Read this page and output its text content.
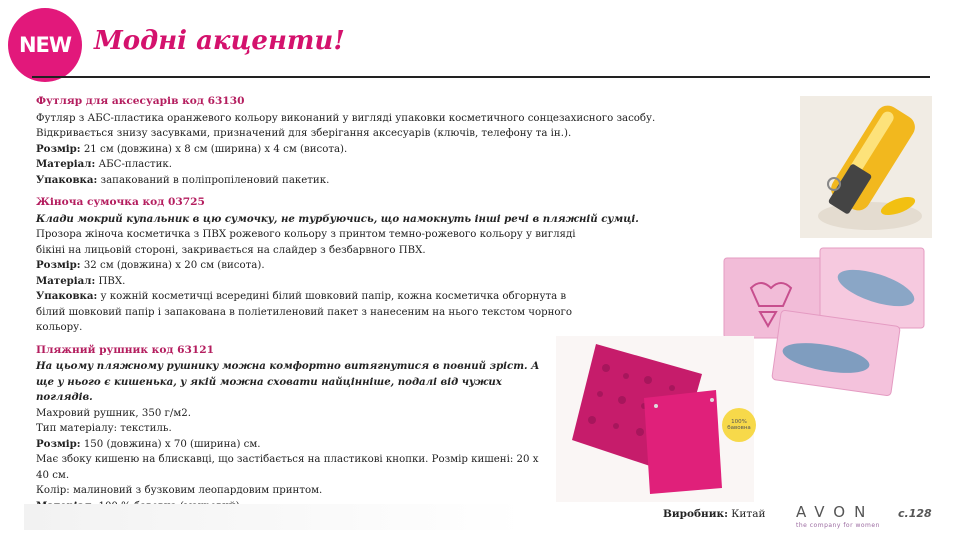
NEW Модні акценти!

Футляр для аксесуарів код 63130

Футляр з АБС-пластика оранжевого кольору виконаний у вигляді упаковки косметичного сонцезахисного засобу.

Відкривається знизу засувками, призначений для зберігання аксесуарів (ключів, телефону та ін.).

Розмір: 21 см (довжина) х 8 см (ширина) х 4 см (висота).

Матеріал: АБС-пластик.

Упаковка: запакований в поліпропіленовий пакетик.

Жіноча сумочка код 03725

Клади мокрий купальник в цю сумочку, не турбуючись, що намокнуть інші речі в пляжній сумці.

Прозора жіноча косметичка з ПВХ рожевого кольору з принтом темно-рожевого кольору у вигляді бікіні на лицьовій стороні, закривається на слайдер з безбарвного ПВХ.

Розмір: 32 см (довжина) х 20 см (висота).

Матеріал: ПВХ.

Упаковка: у кожній косметичці всередині білий шовковий папір, кожна косметичка обгорнута в білий шовковий папір і запакована в поліетиленовий пакет з нанесеним на нього текстом чорного кольору.

Пляжний рушник код 63121

На цьому пляжному рушнику можна комфортно витягнутися в повний зріст. А ще у нього є кишенька, у якій можна сховати найцінніше, подалі від чужих поглядів.

Махровий рушник, 350 г/м2.

Тип матеріалу: текстиль.

Розмір: 150 (довжина) х 70 (ширина) см.

Має збоку кишеню на блискавці, що застібається на пластикові кнопки. Розмір кишені: 20 х 40 см.

Колір: малиновий з бузковим леопардовим принтом.

100%
бавовна
Виробник: Китай AVON
the company for women
c.128
